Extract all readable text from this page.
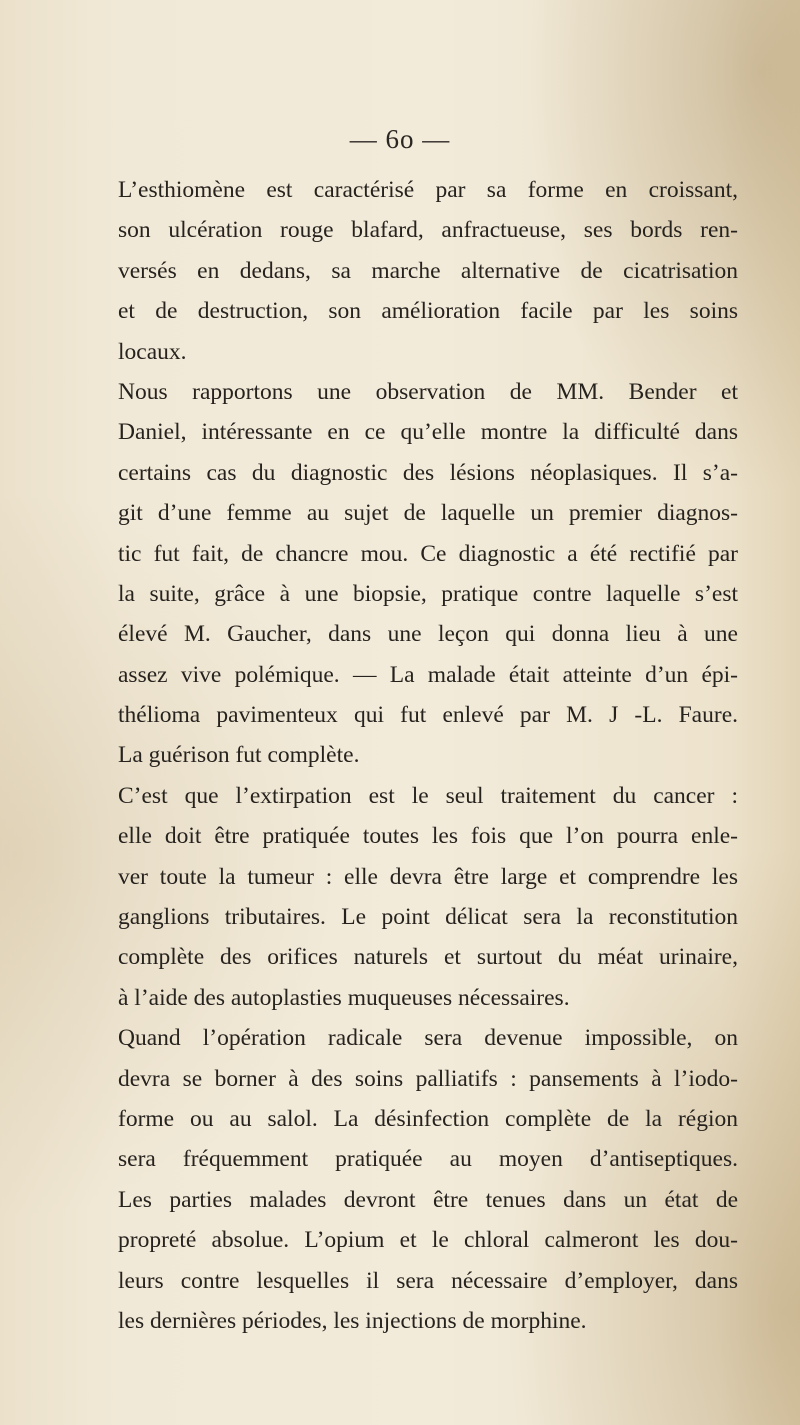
— 6o —
L’esthiomène est caractérisé par sa forme en croissant,
son ulcération rouge blafard, anfractueuse, ses bords ren-
versés en dedans, sa marche alternative de cicatrisation
et de destruction, son amélioration facile par les soins
locaux.
Nous rapportons une observation de MM. Bender et
Daniel, intéressante en ce qu’elle montre la difficulté dans
certains cas du diagnostic des lésions néoplasiques. Il s’a-
git d’une femme au sujet de laquelle un premier diagnos-
tic fut fait, de chancre mou. Ce diagnostic a été rectifié par
la suite, grâce à une biopsie, pratique contre laquelle s’est
élevé M. Gaucher, dans une leçon qui donna lieu à une
assez vive polémique. — La malade était atteinte d’un épi-
thélioma pavimenteux qui fut enlevé par M. J -L. Faure.
La guérison fut complète.
C’est que l’extirpation est le seul traitement du cancer :
elle doit être pratiquée toutes les fois que l’on pourra enle-
ver toute la tumeur : elle devra être large et comprendre les
ganglions tributaires. Le point délicat sera la reconstitution
complète des orifices naturels et surtout du méat urinaire,
à l’aide des autoplasties muqueuses nécessaires.
Quand l’opération radicale sera devenue impossible, on
devra se borner à des soins palliatifs : pansements à l’iodo-
forme ou au salol. La désinfection complète de la région
sera fréquemment pratiquée au moyen d’antiseptiques.
Les parties malades devront être tenues dans un état de
propreté absolue. L’opium et le chloral calmeront les dou-
leurs contre lesquelles il sera nécessaire d’employer, dans
les dernières périodes, les injections de morphine.
